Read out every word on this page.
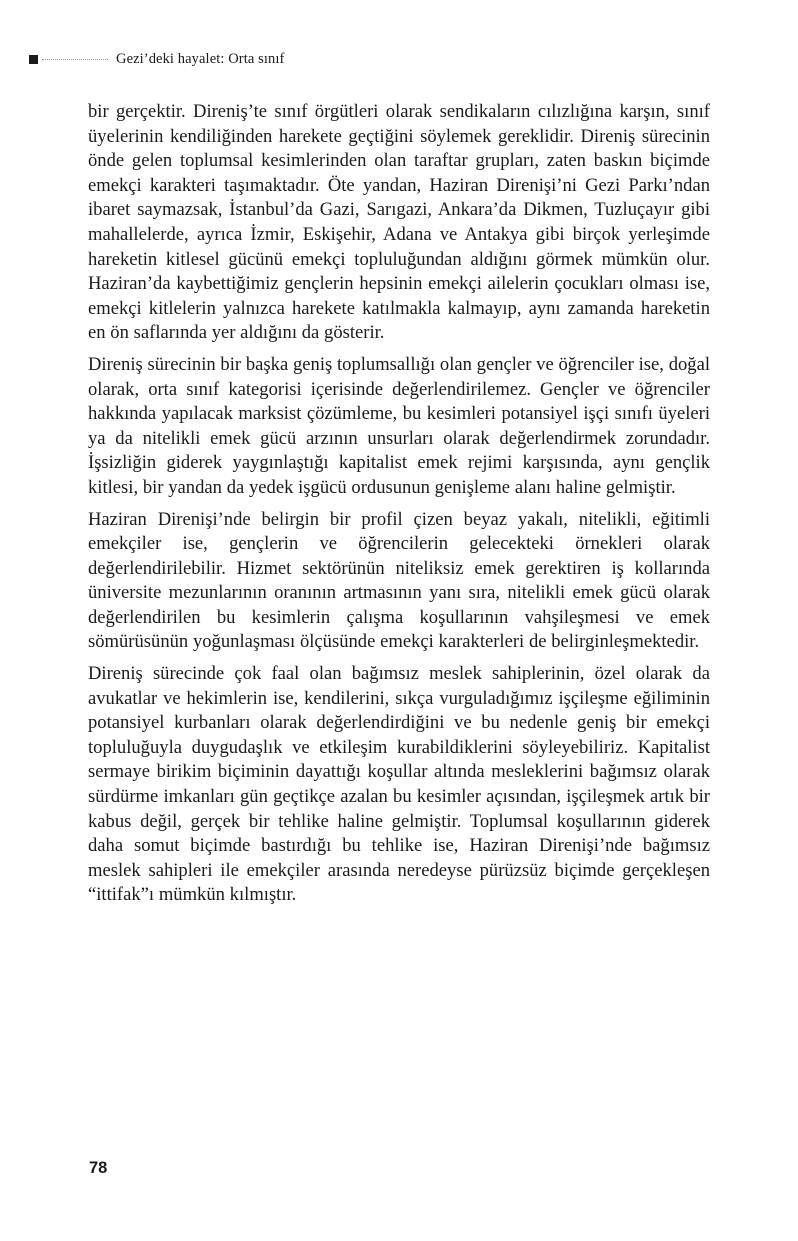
Gezi’deki hayalet: Orta sınıf

bir gerçektir. Direniş’te sınıf örgütleri olarak sendikaların cılızlığına karşın, sınıf üyelerinin kendiliğinden harekete geçtiğini söylemek gereklidir. Direniş sürecinin önde gelen toplumsal kesimlerinden olan taraftar grupları, zaten baskın biçimde emekçi karakteri taşımaktadır. Öte yandan, Haziran Direnişi’ni Gezi Parkı’ndan ibaret saymazsak, İstanbul’da Gazi, Sarıgazi, Ankara’da Dikmen, Tuzluçayır gibi mahallelerde, ayrıca İzmir, Eskişehir, Adana ve Antakya gibi birçok yerleşimde hareketin kitlesel gücünü emekçi topluluğundan aldığını görmek mümkün olur. Haziran’da kaybettiğimiz gençlerin hepsinin emekçi ailelerin çocukları olması ise, emekçi kitlelerin yalnızca harekete katılmakla kalmayıp, aynı zamanda hareketin en ön saflarında yer aldığını da gösterir.

Direniş sürecinin bir başka geniş toplumsallığı olan gençler ve öğrenciler ise, doğal olarak, orta sınıf kategorisi içerisinde değerlendirilemez. Gençler ve öğrenciler hakkında yapılacak marksist çözümleme, bu kesimleri potansiyel işçi sınıfı üyeleri ya da nitelikli emek gücü arzının unsurları olarak değerlendirmek zorundadır. İşsizliğin giderek yaygınlaştığı kapitalist emek rejimi karşısında, aynı gençlik kitlesi, bir yandan da yedek işgücü ordusunun genişleme alanı haline gelmiştir.

Haziran Direnişi’nde belirgin bir profil çizen beyaz yakalı, nitelikli, eğitimli emekçiler ise, gençlerin ve öğrencilerin gelecekteki örnekleri olarak değerlendirilebilir. Hizmet sektörünün niteliksiz emek gerektiren iş kollarında üniversite mezunlarının oranının artmasının yanı sıra, nitelikli emek gücü olarak değerlendirilen bu kesimlerin çalışma koşullarının vahşileşmesi ve emek sömürüsünün yoğunlaşması ölçüsünde emekçi karakterleri de belirginleşmektedir.

Direniş sürecinde çok faal olan bağımsız meslek sahiplerinin, özel olarak da avukatlar ve hekimlerin ise, kendilerini, sıkça vurguladığımız işçileşme eğiliminin potansiyel kurbanları olarak değerlendirdiğini ve bu nedenle geniş bir emekçi topluluğuyla duygudaşlık ve etkileşim kurabildiklerini söyleyebiliriz. Kapitalist sermaye birikim biçiminin dayattığı koşullar altında mesleklerini bağımsız olarak sürdürme imkanları gün geçtikçe azalan bu kesimler açısından, işçileşmek artık bir kabus değil, gerçek bir tehlike haline gelmiştir. Toplumsal koşullarının giderek daha somut biçimde bastırdığı bu tehlike ise, Haziran Direnişi’nde bağımsız meslek sahipleri ile emekçiler arasında neredeyse pürüzsüz biçimde gerçekleşen “ittifak”ı mümkün kılmıştır.

78
